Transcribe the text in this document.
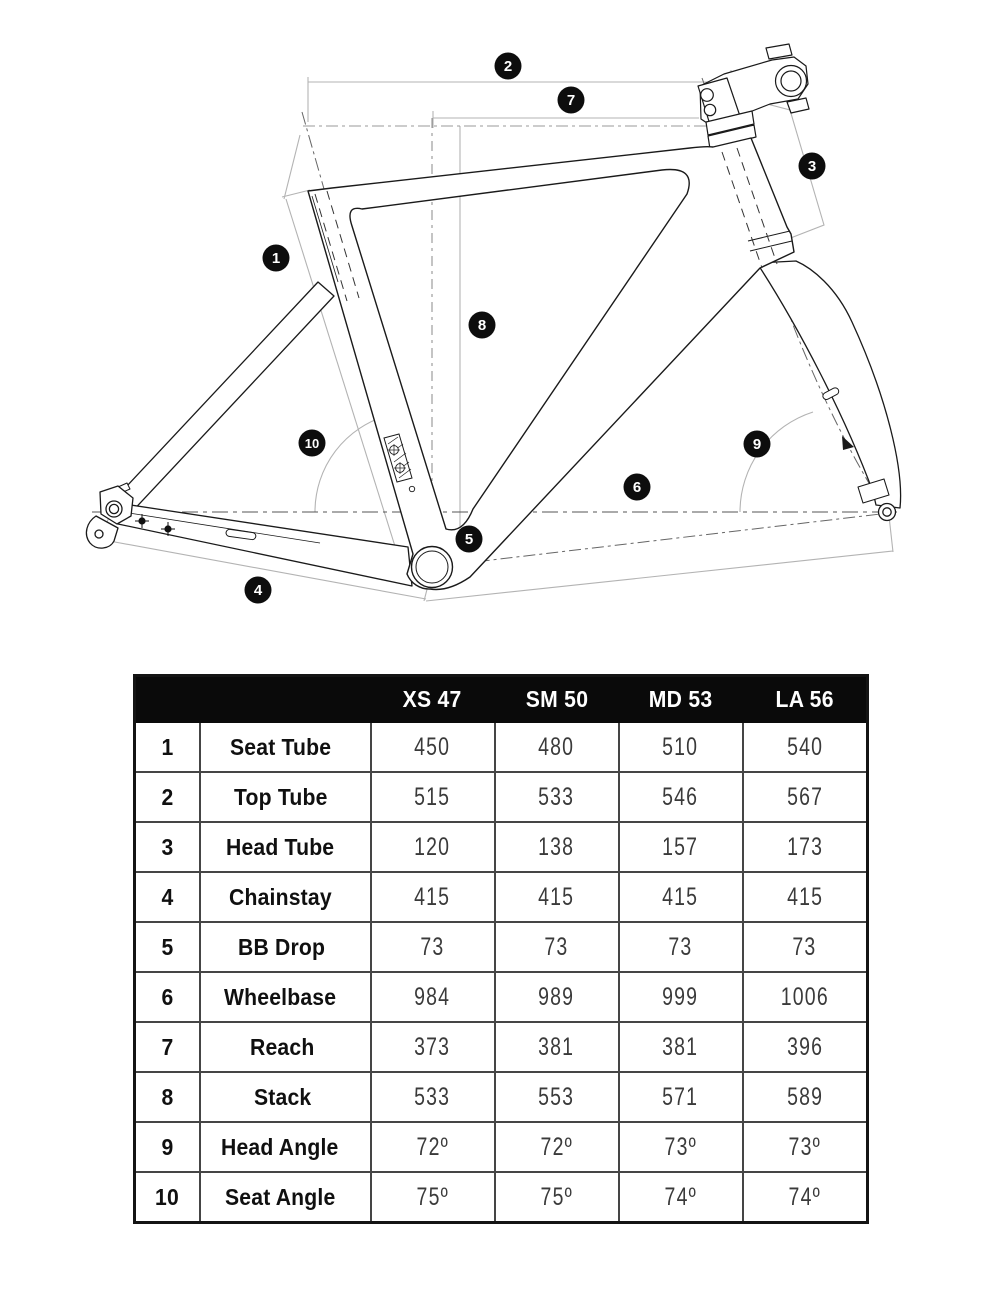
1
2
3
4
5
6
7
8
9
10
		XS 47	SM 50	MD 53	LA 56
1	Seat Tube	450	480	510	540
2	Top Tube	515	533	546	567
3	Head Tube	120	138	157	173
4	Chainstay	415	415	415	415
5	BB Drop	73	73	73	73
6	Wheelbase	984	989	999	1006
7	Reach	373	381	381	396
8	Stack	533	553	571	589
9	Head Angle	72º	72º	73º	73º
10	Seat Angle	75º	75º	74º	74º
